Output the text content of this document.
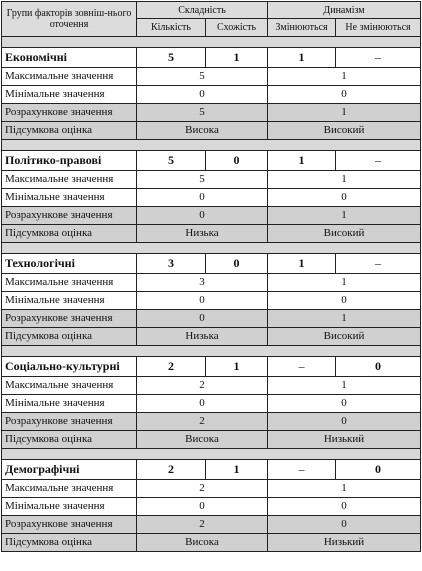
Групи факторів зовніш-нього оточення	Складність		Динамізм	
	Кількість	Схожість	Змінюються	Не змінюються

Економічні	5	1	1	–
Максимальне значення	5		1	
Мінімальне значення	0		0	
Розрахункове значення	5		1	
Підсумкова оцінка	Висока		Високий	

Політико-правові	5	0	1	–
Максимальне значення	5		1	
Мінімальне значення	0		0	
Розрахункове значення	0		1	
Підсумкова оцінка	Низька		Високий	

Технологічні	3	0	1	–
Максимальне значення	3		1	
Мінімальне значення	0		0	
Розрахункове значення	0		1	
Підсумкова оцінка	Низька		Високий	

Соціально-культурні	2	1	–	0
Максимальне значення	2		1	
Мінімальне значення	0		0	
Розрахункове значення	2		0	
Підсумкова оцінка	Висока		Низький	

Демографічні	2	1	–	0
Максимальне значення	2		1	
Мінімальне значення	0		0	
Розрахункове значення	2		0	
Підсумкова оцінка	Висока		Низький	
